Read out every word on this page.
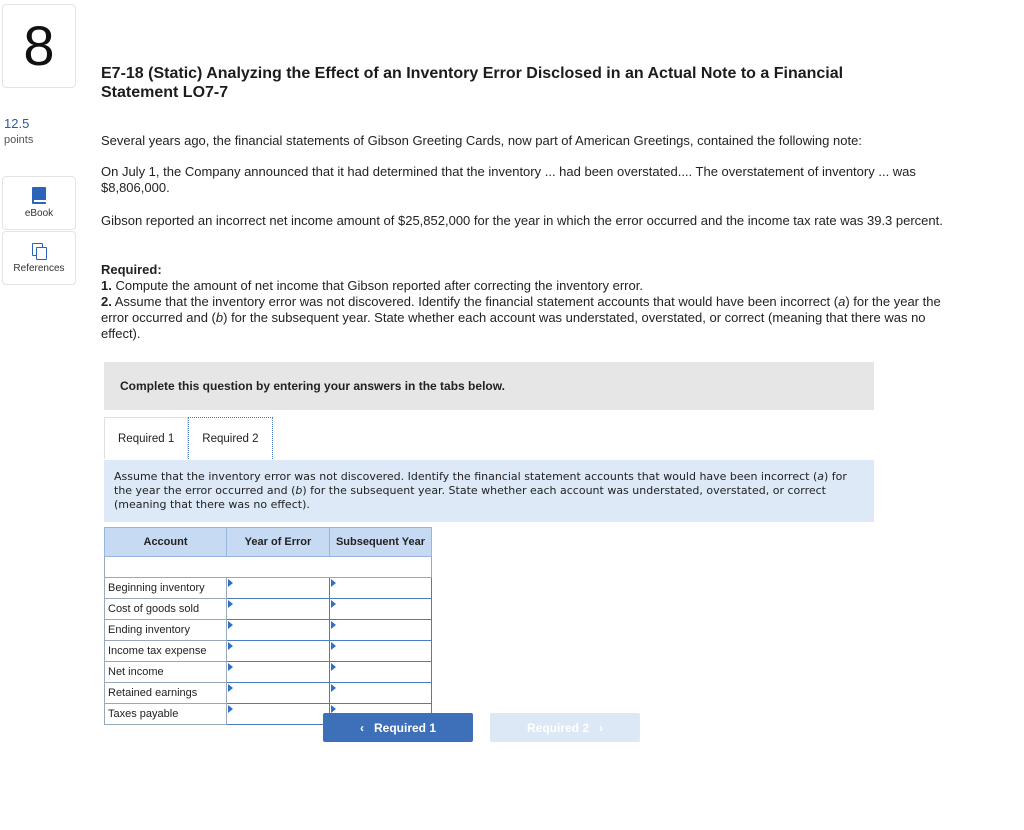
8
12.5
points
eBook
References
E7-18 (Static) Analyzing the Effect of an Inventory Error Disclosed in an Actual Note to a Financial Statement LO7-7

Several years ago, the financial statements of Gibson Greeting Cards, now part of American Greetings, contained the following note:

On July 1, the Company announced that it had determined that the inventory ... had been overstated.... The overstatement of inventory ... was $8,806,000.

Gibson reported an incorrect net income amount of $25,852,000 for the year in which the error occurred and the income tax rate was 39.3 percent.

Required:
1. Compute the amount of net income that Gibson reported after correcting the inventory error.
2. Assume that the inventory error was not discovered. Identify the financial statement accounts that would have been incorrect (a) for the year the error occurred and (b) for the subsequent year. State whether each account was understated, overstated, or correct (meaning that there was no effect).
Complete this question by entering your answers in the tabs below.
Required 1	Required 2
Assume that the inventory error was not discovered. Identify the financial statement accounts that would have been incorrect (a) for the year the error occurred and (b) for the subsequent year. State whether each account was understated, overstated, or correct (meaning that there was no effect).
Account	Year of Error	Subsequent Year

Beginning inventory	

Cost of goods sold	

Ending inventory	

Income tax expense	

Net income	

Retained earnings	

Taxes payable	

‹ Required 1	Required 2 ›
